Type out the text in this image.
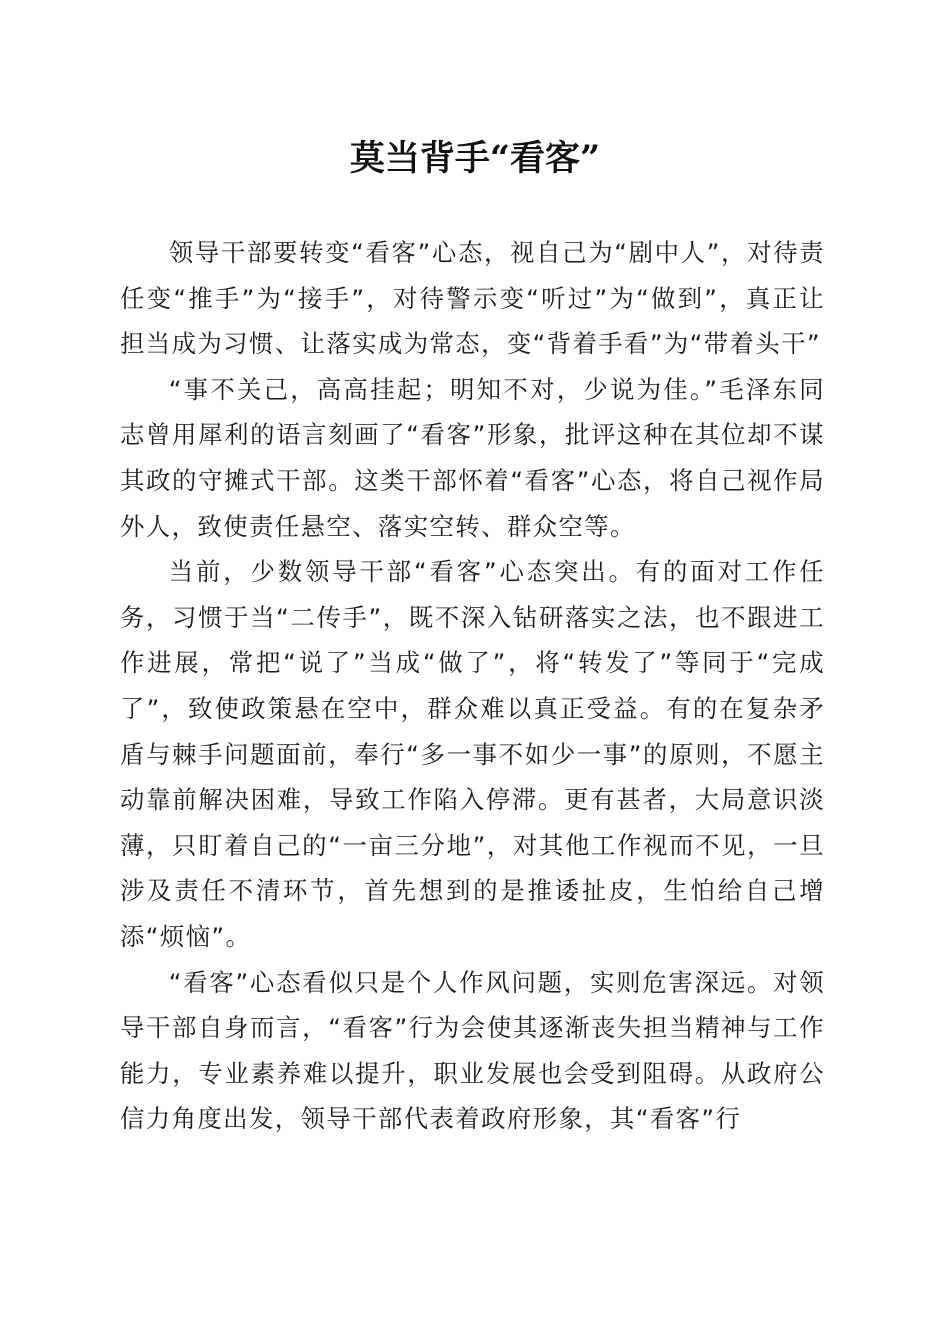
莫当背手“看客”

领导干部要转变“看客”心态，视自己为“剧中人”，对待责任变“推手”为“接手”，对待警示变“听过”为“做到”，真正让担当成为习惯、让落实成为常态，变“背着手看”为“带着头干”

“事不关己，高高挂起；明知不对，少说为佳。”毛泽东同志曾用犀利的语言刻画了“看客”形象，批评这种在其位却不谋其政的守摊式干部。这类干部怀着“看客”心态，将自己视作局外人，致使责任悬空、落实空转、群众空等。

当前，少数领导干部“看客”心态突出。有的面对工作任务，习惯于当“二传手”，既不深入钻研落实之法，也不跟进工作进展，常把“说了”当成“做了”，将“转发了”等同于“完成了”，致使政策悬在空中，群众难以真正受益。有的在复杂矛盾与棘手问题面前，奉行“多一事不如少一事”的原则，不愿主动靠前解决困难，导致工作陷入停滞。更有甚者，大局意识淡薄，只盯着自己的“一亩三分地”，对其他工作视而不见，一旦涉及责任不清环节，首先想到的是推诿扯皮，生怕给自己增添“烦恼”。

“看客”心态看似只是个人作风问题，实则危害深远。对领导干部自身而言，“看客”行为会使其逐渐丧失担当精神与工作能力，专业素养难以提升，职业发展也会受到阻碍。从政府公信力角度出发，领导干部代表着政府形象，其“看客”行
